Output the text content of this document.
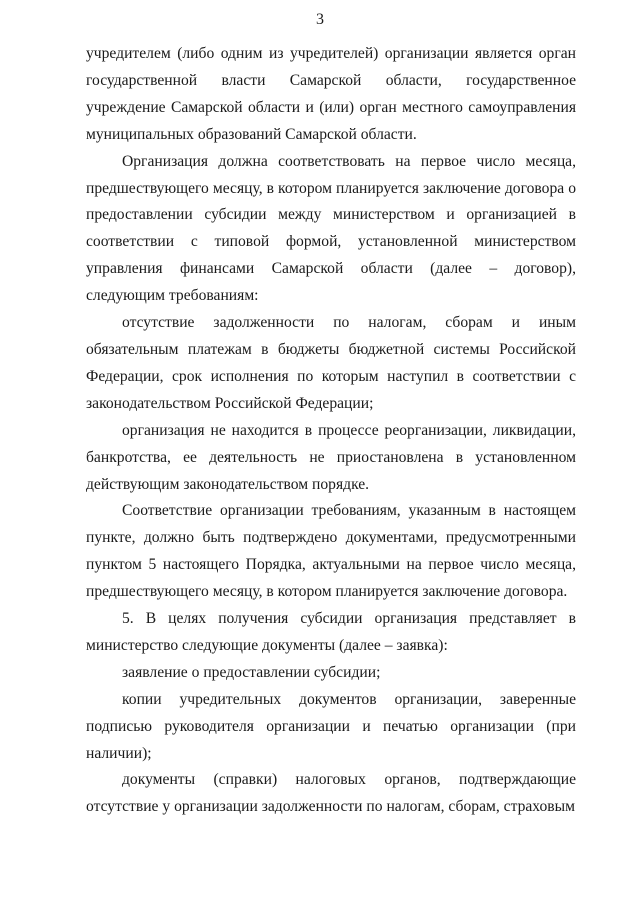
3

учредителем (либо одним из учредителей) организации является орган государственной власти Самарской области, государственное учреждение Самарской области и (или) орган местного самоуправления муниципальных образований Самарской области.

Организация должна соответствовать на первое число месяца, предшествующего месяцу, в котором планируется заключение договора о предоставлении субсидии между министерством и организацией в соответствии с типовой формой, установленной министерством управления финансами Самарской области (далее – договор), следующим требованиям:

отсутствие задолженности по налогам, сборам и иным обязательным платежам в бюджеты бюджетной системы Российской Федерации, срок исполнения по которым наступил в соответствии с законодательством Российской Федерации;

организация не находится в процессе реорганизации, ликвидации, банкротства, ее деятельность не приостановлена в установленном действующим законодательством порядке.

Соответствие организации требованиям, указанным в настоящем пункте, должно быть подтверждено документами, предусмотренными пунктом 5 настоящего Порядка, актуальными на первое число месяца, предшествующего месяцу, в котором планируется заключение договора.

5. В целях получения субсидии организация представляет в министерство следующие документы (далее – заявка):

заявление о предоставлении субсидии;

копии учредительных документов организации, заверенные подписью руководителя организации и печатью организации (при наличии);

документы (справки) налоговых органов, подтверждающие отсутствие у организации задолженности по налогам, сборам, страховым
